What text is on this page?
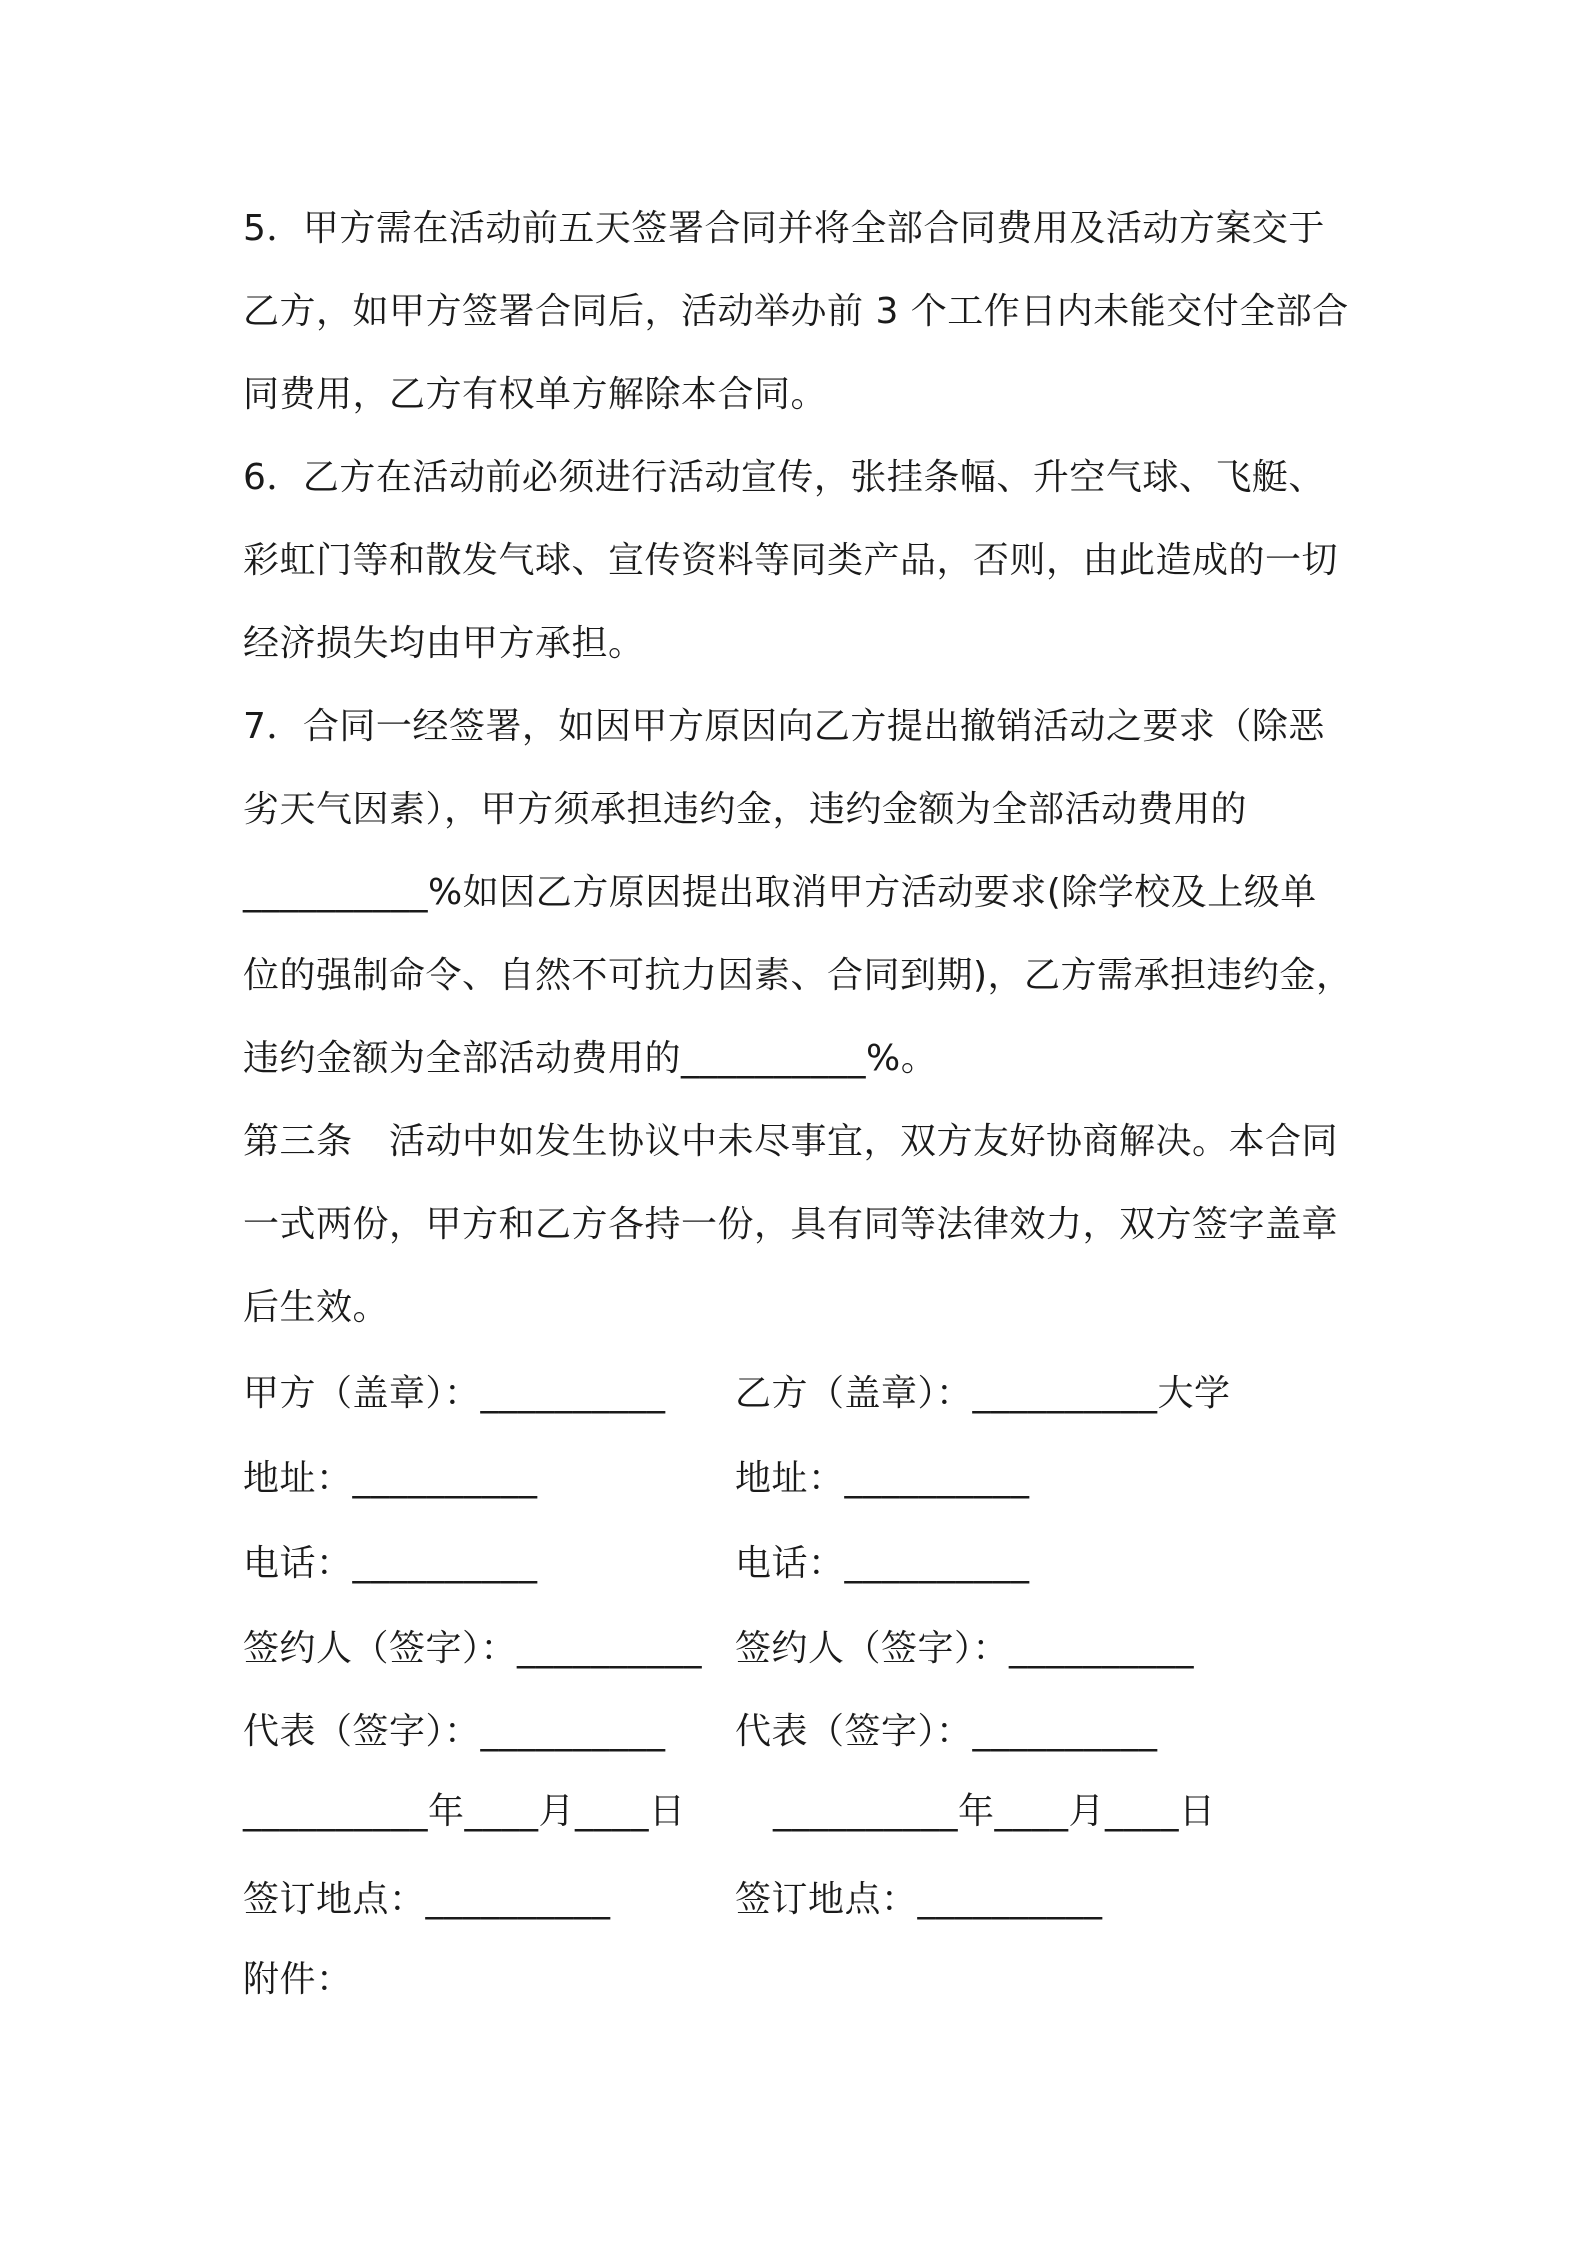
5．甲方需在活动前五天签署合同并将全部合同费用及活动方案交于
乙方，如甲方签署合同后，活动举办前 3 个工作日内未能交付全部合
同费用，乙方有权单方解除本合同。
6．乙方在活动前必须进行活动宣传，张挂条幅、升空气球、飞艇、
彩虹门等和散发气球、宣传资料等同类产品，否则，由此造成的一切
经济损失均由甲方承担。
7．合同一经签署，如因甲方原因向乙方提出撤销活动之要求（除恶
劣天气因素），甲方须承担违约金，违约金额为全部活动费用的
__________%如因乙方原因提出取消甲方活动要求(除学校及上级单
位的强制命令、自然不可抗力因素、合同到期)，乙方需承担违约金，
违约金额为全部活动费用的__________%。
第三条　活动中如发生协议中未尽事宜，双方友好协商解决。本合同
一式两份，甲方和乙方各持一份，具有同等法律效力，双方签字盖章
后生效。
甲方（盖章）：__________
地址：__________
电话：__________
签约人（签字）：__________
代表（签字）：__________
__________年____月____日
签订地点：__________
乙方（盖章）：__________大学
地址：__________
电话：__________
签约人（签字）：__________
代表（签字）：__________
__________年____月____日
签订地点：__________
附件：
